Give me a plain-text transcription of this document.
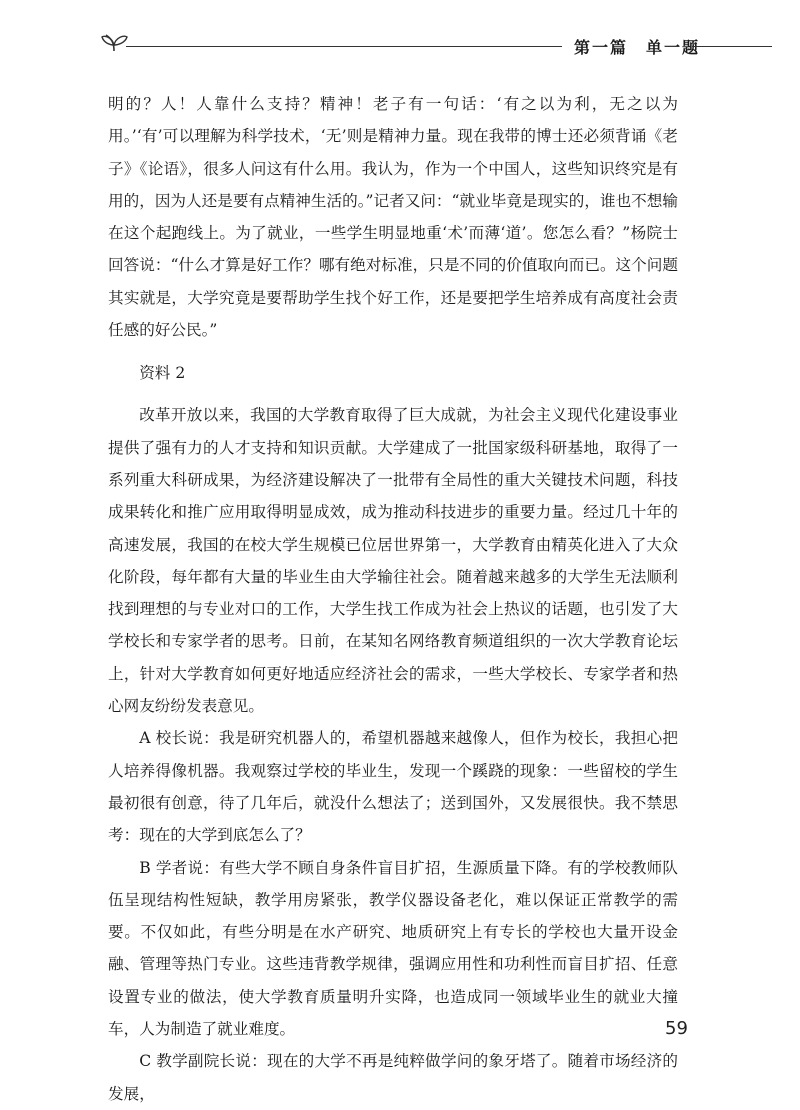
第一篇　单一题

明的？人！人靠什么支持？精神！老子有一句话：‘有之以为利，无之以为用。’‘有’可以理解为科学技术，‘无’则是精神力量。现在我带的博士还必须背诵《老子》《论语》，很多人问这有什么用。我认为，作为一个中国人，这些知识终究是有用的，因为人还是要有点精神生活的。”记者又问：“就业毕竟是现实的，谁也不想输在这个起跑线上。为了就业，一些学生明显地重‘术’而薄‘道’。您怎么看？”杨院士回答说：“什么才算是好工作？哪有绝对标准，只是不同的价值取向而已。这个问题其实就是，大学究竟是要帮助学生找个好工作，还是要把学生培养成有高度社会责任感的好公民。”

资料 2

改革开放以来，我国的大学教育取得了巨大成就，为社会主义现代化建设事业提供了强有力的人才支持和知识贡献。大学建成了一批国家级科研基地，取得了一系列重大科研成果，为经济建设解决了一批带有全局性的重大关键技术问题，科技成果转化和推广应用取得明显成效，成为推动科技进步的重要力量。经过几十年的高速发展，我国的在校大学生规模已位居世界第一，大学教育由精英化进入了大众化阶段，每年都有大量的毕业生由大学输往社会。随着越来越多的大学生无法顺利找到理想的与专业对口的工作，大学生找工作成为社会上热议的话题，也引发了大学校长和专家学者的思考。日前，在某知名网络教育频道组织的一次大学教育论坛上，针对大学教育如何更好地适应经济社会的需求，一些大学校长、专家学者和热心网友纷纷发表意见。

A 校长说：我是研究机器人的，希望机器越来越像人，但作为校长，我担心把人培养得像机器。我观察过学校的毕业生，发现一个蹊跷的现象：一些留校的学生最初很有创意，待了几年后，就没什么想法了；送到国外，又发展很快。我不禁思考：现在的大学到底怎么了？

B 学者说：有些大学不顾自身条件盲目扩招，生源质量下降。有的学校教师队伍呈现结构性短缺，教学用房紧张，教学仪器设备老化，难以保证正常教学的需要。不仅如此，有些分明是在水产研究、地质研究上有专长的学校也大量开设金融、管理等热门专业。这些违背教学规律，强调应用性和功利性而盲目扩招、任意设置专业的做法，使大学教育质量明升实降，也造成同一领域毕业生的就业大撞车，人为制造了就业难度。

C 教学副院长说：现在的大学不再是纯粹做学问的象牙塔了。随着市场经济的发展，

59
